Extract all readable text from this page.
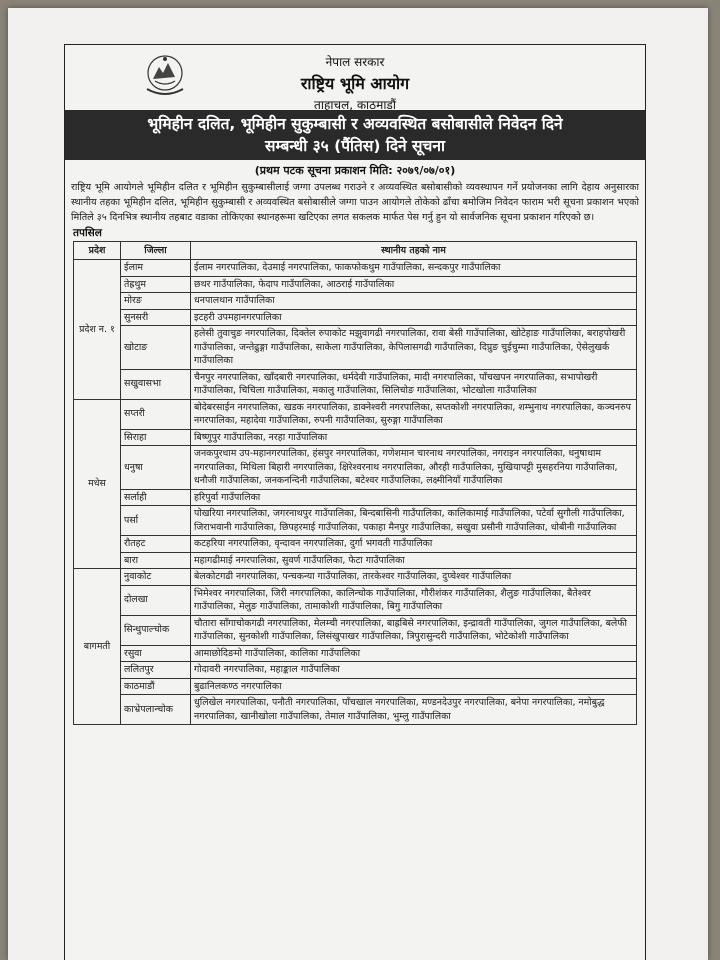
नेपाल सरकार
राष्ट्रिय भूमि आयोग
ताहाचल, काठमाडौं
भूमिहीन दलित, भूमिहीन सुकुम्बासी र अव्यवस्थित बसोबासीले निवेदन दिने
सम्बन्धी ३५ (पैंतिस) दिने सूचना
(प्रथम पटक सूचना प्रकाशन मिति: २०७९/०७/०१)
राष्ट्रिय भूमि आयोगले भूमिहीन दलित र भूमिहीन सुकुम्बासीलाई जग्गा उपलब्ध गराउने र अव्यवस्थित बसोबासीको व्यवस्थापन गर्ने प्रयोजनका लागि देहाय अनुसारका स्थानीय तहका भूमिहीन दलित, भूमिहीन सुकुम्बासी र अव्यवस्थित बसोबासीले जग्गा पाउन आयोगले तोकेको ढाँचा बमोजिम निवेदन फाराम भरी सूचना प्रकाशन भएको मितिले ३५ दिनभित्र स्थानीय तहबाट वडाका तोकिएका स्थानहरूमा खटिएका लगत सकलक मार्फत पेस गर्नु हुन यो सार्वजनिक सूचना प्रकाशन गरिएको छ।
तपसिल
प्रदेश	जिल्ला	स्थानीय तहको नाम
प्रदेश न. १	ईलाम	ईलाम नगरपालिका, देउमाई नगरपालिका, फाकफोकथुम गाउँपालिका, सन्दकपुर गाउँपालिका
	तेह्रथुम	छथर गाउँपालिका, फेदाप गाउँपालिका, आठराई गाउँपालिका
	मोरङ	धनपालथान गाउँपालिका
	सुनसरी	इटहरी उपमहानगरपालिका
	खोटाङ	हलेसी तुवाचुङ नगरपालिका, दिक्तेल रुपाकोट मझुवागढी नगरपालिका, रावा बेसी गाउँपालिका, खोटेहाङ गाउँपालिका, बराहपोखरी गाउँपालिका, जन्तेढुङ्गा गाउँपालिका, साकेला गाउँपालिका, केपिलासगढी गाउँपालिका, दिप्रुङ चुईचुम्मा गाउँपालिका, ऐसेलुखर्क गाउँपालिका
	सखुवासभा	चैनपुर नगरपालिका, खाँदबारी नगरपालिका, धर्मदेवी गाउँपालिका, मादी नगरपालिका, पाँचखपन नगरपालिका, सभापोखरी गाउँपालिका, चिचिला गाउँपालिका, मकालु गाउँपालिका, सिलिचोङ गाउँपालिका, भोटखोला गाउँपालिका
मधेस	सप्तरी	बोदेबरसाईन नगरपालिका, खडक नगरपालिका, डाक्नेश्वरी नगरपालिका, सप्तकोशी नगरपालिका, शम्भुनाथ नगरपालिका, कञ्चनरुप नगरपालिका, महादेवा गाउँपालिका, रुपनी गाउँपालिका, सुरुङ्गा गाउँपालिका
	सिराहा	बिष्णुपुर गाउँपालिका, नरहा गाउँपालिका
	धनुषा	जनकपुरधाम उप-महानगरपालिका, हंसपुर नगरपालिका, गणेशमान चारनाथ नगरपालिका, नगराइन नगरपालिका, धनुषाधाम नगरपालिका, मिथिला बिहारी नगरपालिका, क्षिरेश्वरनाथ नगरपालिका, औरही गाउँपालिका, मुखियापट्टी मुसहरनिया गाउँपालिका, धनौजी गाउँपालिका, जनकनन्दिनी गाउँपालिका, बटेश्वर गाउँपालिका, लक्ष्मीनियाँ गाउँपालिका
	सर्लाही	हरिपुर्वा गाउँपालिका
	पर्सा	पोखरिया नगरपालिका, जगरनाथपुर गाउँपालिका, बिन्दबासिनी गाउँपालिका, कालिकामाई गाउँपालिका, पटेर्वा सुगौली गाउँपालिका, जिराभवानी गाउँपालिका, छिपहरमाई गाउँपालिका, पकाहा मैनपुर गाउँपालिका, सखुवा प्रसौनी गाउँपालिका, धोबीनी गाउँपालिका
	रौतहट	कटहरिया नगरपालिका, वृन्दावन नगरपालिका, दुर्गा भगवती गाउँपालिका
	बारा	महागढीमाई नगरपालिका, सुवर्ण गाउँपालिका, फेटा गाउँपालिका
बागमती	नुवाकोट	बेलकोटगढी नगरपालिका, पन्चकन्या गाउँपालिका, तारकेश्वर गाउँपालिका, दुप्चेश्वर गाउँपालिका
	दोलखा	भिमेश्वर नगरपालिका, जिरी नगरपालिका, कालिन्चोक गाउँपालिका, गौरीशंकर गाउँपालिका, शैलुङ गाउँपालिका, बैतेश्वर गाउँपालिका, मेलुङ गाउँपालिका, तामाकोशी गाउँपालिका, बिगु गाउँपालिका
	सिन्धुपाल्चोक	चौतारा साँगाचोकगढी नगरपालिका, मेलम्ची नगरपालिका, बाह्रबिसे नगरपालिका, इन्द्रावती गाउँपालिका, जुगल गाउँपालिका, बलेफी गाउँपालिका, सुनकोशी गाउँपालिका, लिसंखुपाखर गाउँपालिका, त्रिपुरासुन्दरी गाउँपालिका, भोटेकोशी गाउँपालिका
	रसुवा	आमाछोदिङमो गाउँपालिका, कालिका गाउँपालिका
	ललितपुर	गोदावरी नगरपालिका, महाङ्काल गाउँपालिका
	काठमाडौं	बुढानिलकण्ठ नगरपालिका
	काभ्रेपलान्चोक	धुलिखेल नगरपालिका, पनौती नगरपालिका, पाँचखाल नगरपालिका, मण्डनदेउपुर नगरपालिका, बनेपा नगरपालिका, नमोबुद्ध नगरपालिका, खानीखोला गाउँपालिका, तेमाल गाउँपालिका, भुम्लु गाउँपालिका
